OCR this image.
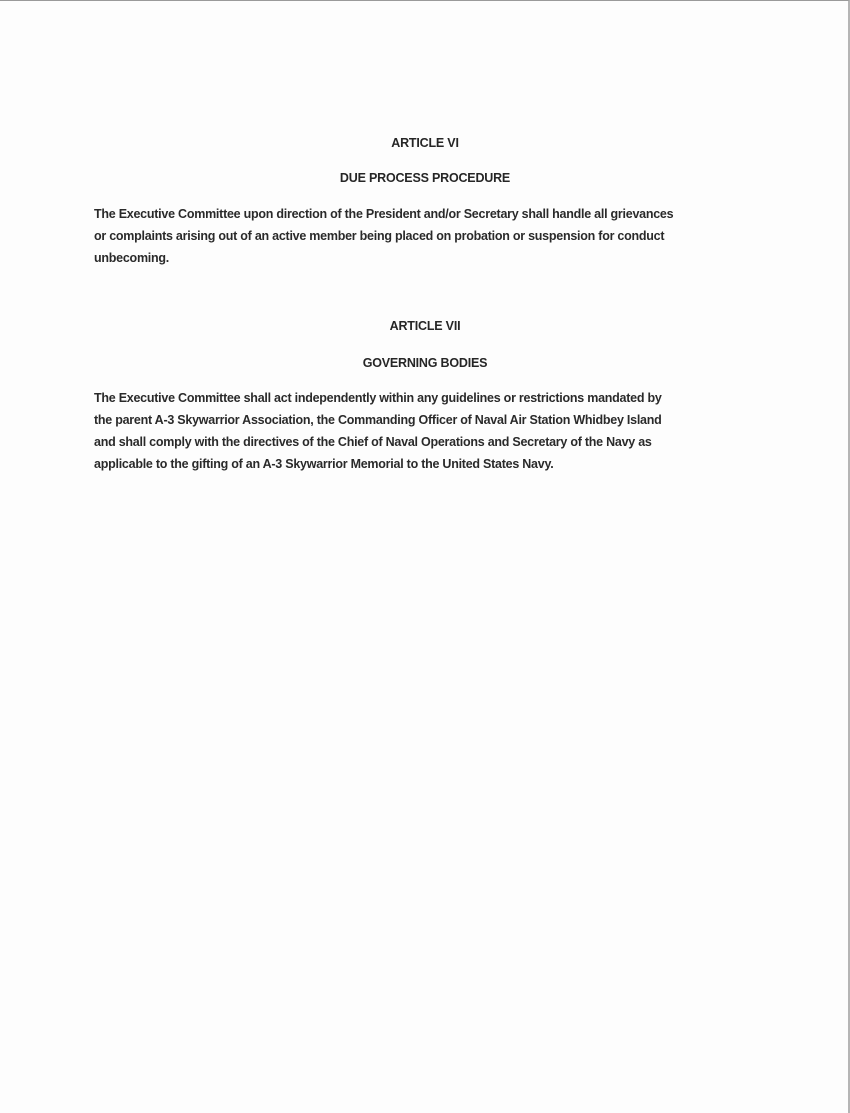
ARTICLE VI
DUE PROCESS PROCEDURE
The Executive Committee upon direction of the President and/or Secretary shall handle all grievances
or complaints arising out of an active member being placed on probation or suspension for conduct
unbecoming.
ARTICLE VII
GOVERNING BODIES
The Executive Committee shall act independently within any guidelines or restrictions mandated by
the parent A-3 Skywarrior Association, the Commanding Officer of Naval Air Station Whidbey Island
and shall comply with the directives of the Chief of Naval Operations and Secretary of the Navy as
applicable to the gifting of an A-3 Skywarrior Memorial to the United States Navy.
